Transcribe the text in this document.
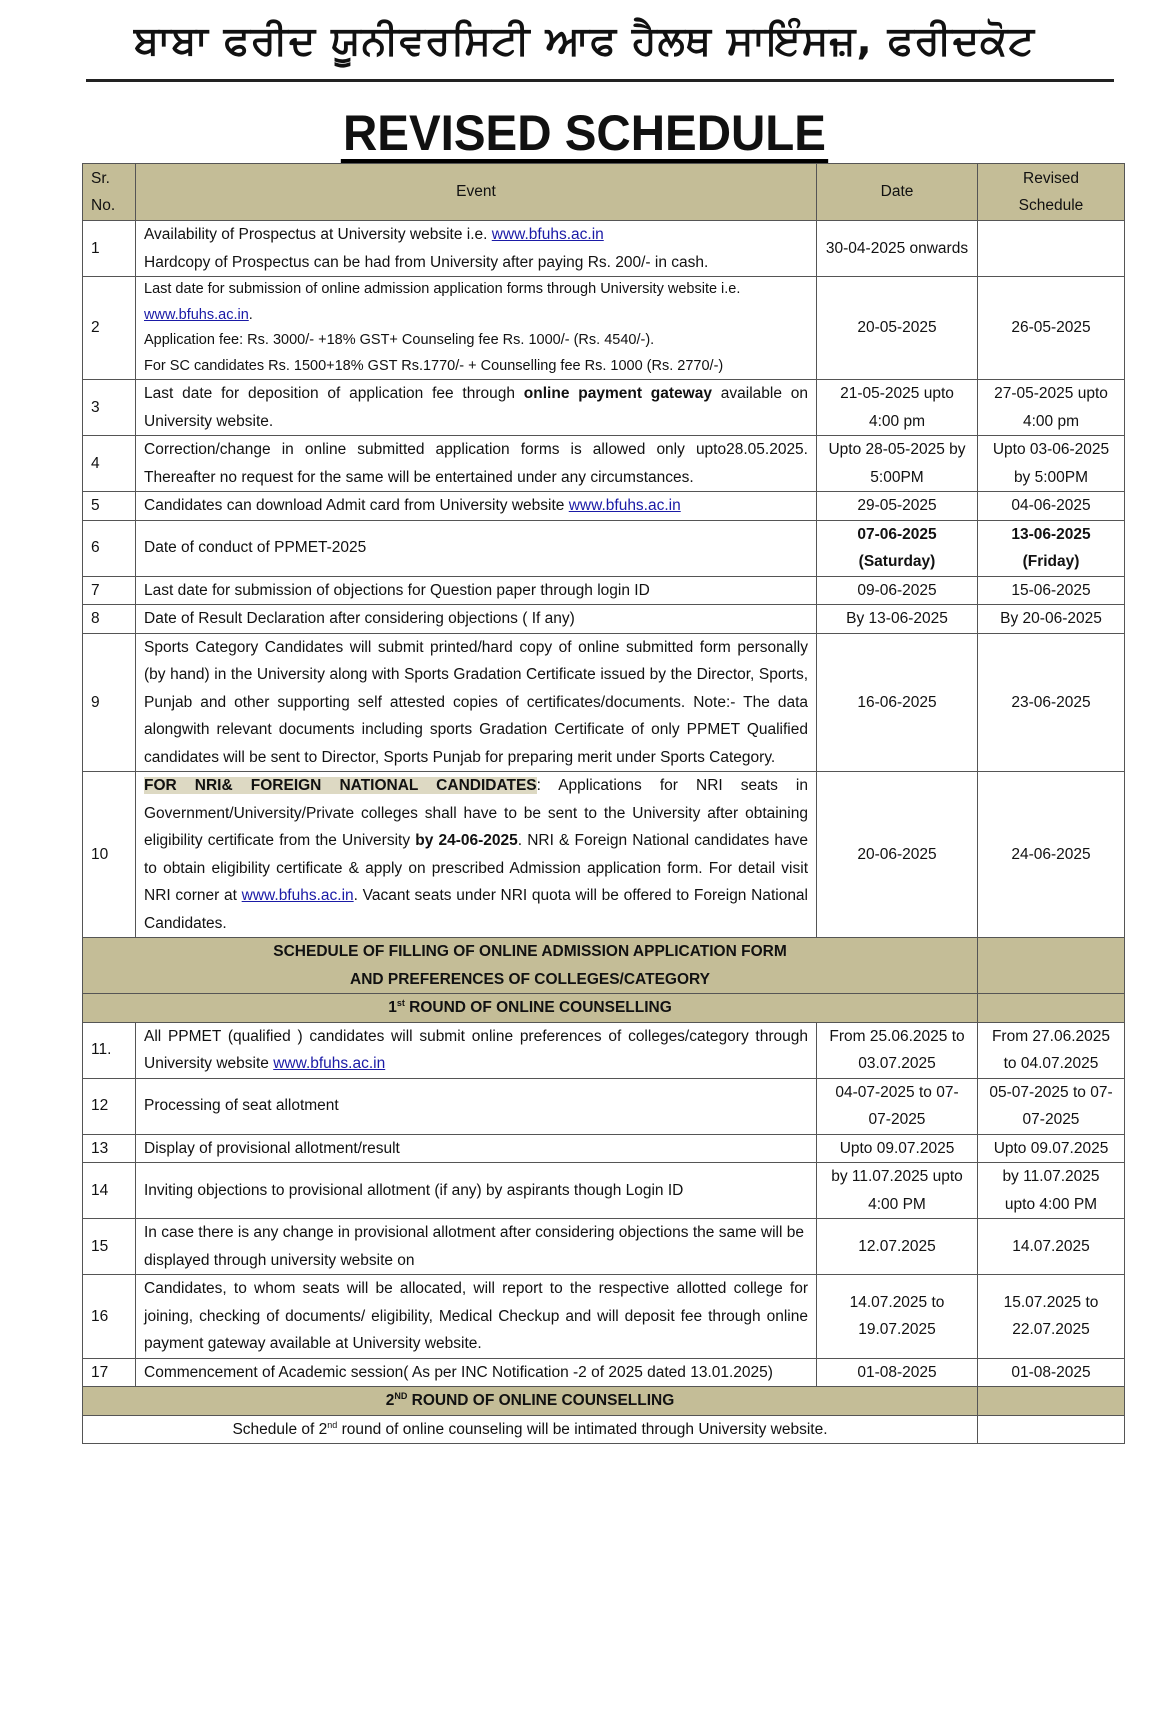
ਬਾਬਾ ਫਰੀਦ ਯੂਨੀਵਰਸਿਟੀ ਆਫ ਹੈਲਥ ਸਾਇੰਸਜ਼, ਫਰੀਦਕੋਟ
REVISED SCHEDULE
Sr.
No.	Event	Date	Revised
Schedule
1	Availability of Prospectus at University website i.e. www.bfuhs.ac.in
Hardcopy of Prospectus can be had from University after paying Rs. 200/- in cash.	30-04-2025 onwards	
2	Last date for submission of online admission application forms through University website i.e. www.bfuhs.ac.in.
Application fee: Rs. 3000/- +18% GST+ Counseling fee Rs. 1000/- (Rs. 4540/-).
For SC candidates Rs. 1500+18% GST Rs.1770/- + Counselling fee Rs. 1000 (Rs. 2770/-)	20-05-2025	26-05-2025
3	Last date for deposition of application fee through online payment gateway available on University website.	21-05-2025 upto 4:00 pm	27-05-2025 upto 4:00 pm
4	Correction/change in online submitted application forms is allowed only upto28.05.2025. Thereafter no request for the same will be entertained under any circumstances.	Upto 28-05-2025 by 5:00PM	Upto 03-06-2025 by 5:00PM
5	Candidates can download Admit card from University website www.bfuhs.ac.in	29-05-2025	04-06-2025
6	Date of conduct of PPMET-2025	07-06-2025 (Saturday)	13-06-2025 (Friday)
7	Last date for submission of objections for Question paper through login ID	09-06-2025	15-06-2025
8	Date of Result Declaration after considering objections ( If any)	By 13-06-2025	By 20-06-2025
9	Sports Category Candidates will submit printed/hard copy of online submitted form personally (by hand) in the University along with Sports Gradation Certificate issued by the Director, Sports, Punjab and other supporting self attested copies of certificates/documents. Note:- The data alongwith relevant documents including sports Gradation Certificate of only PPMET Qualified candidates will be sent to Director, Sports Punjab for preparing merit under Sports Category.	16-06-2025	23-06-2025
10	FOR NRI& FOREIGN NATIONAL CANDIDATES: Applications for NRI seats in Government/University/Private colleges shall have to be sent to the University after obtaining eligibility certificate from the University by 24-06-2025. NRI & Foreign National candidates have to obtain eligibility certificate & apply on prescribed Admission application form. For detail visit NRI corner at www.bfuhs.ac.in. Vacant seats under NRI quota will be offered to Foreign National Candidates.	20-06-2025	24-06-2025
SCHEDULE OF FILLING OF ONLINE ADMISSION APPLICATION FORM
AND PREFERENCES OF COLLEGES/CATEGORY			
1st ROUND OF ONLINE COUNSELLING			
11.	All PPMET (qualified ) candidates will submit online preferences of colleges/category through University website www.bfuhs.ac.in	From 25.06.2025 to 03.07.2025	From 27.06.2025 to 04.07.2025
12	Processing of seat allotment	04-07-2025 to 07-07-2025	05-07-2025 to 07-07-2025
13	Display of provisional allotment/result	Upto 09.07.2025	Upto 09.07.2025
14	Inviting objections to provisional allotment (if any) by aspirants though Login ID	by 11.07.2025 upto 4:00 PM	by 11.07.2025 upto 4:00 PM
15	In case there is any change in provisional allotment after considering objections the same will be displayed through university website on	12.07.2025	14.07.2025
16	Candidates, to whom seats will be allocated, will report to the respective allotted college for joining, checking of documents/ eligibility, Medical Checkup and will deposit fee through online payment gateway available at University website.	14.07.2025 to 19.07.2025	15.07.2025 to 22.07.2025
17	Commencement of Academic session( As per INC Notification -2 of 2025 dated 13.01.2025)	01-08-2025	01-08-2025
2ND ROUND OF ONLINE COUNSELLING			
Schedule of 2nd round of online counseling will be intimated through University website.			
